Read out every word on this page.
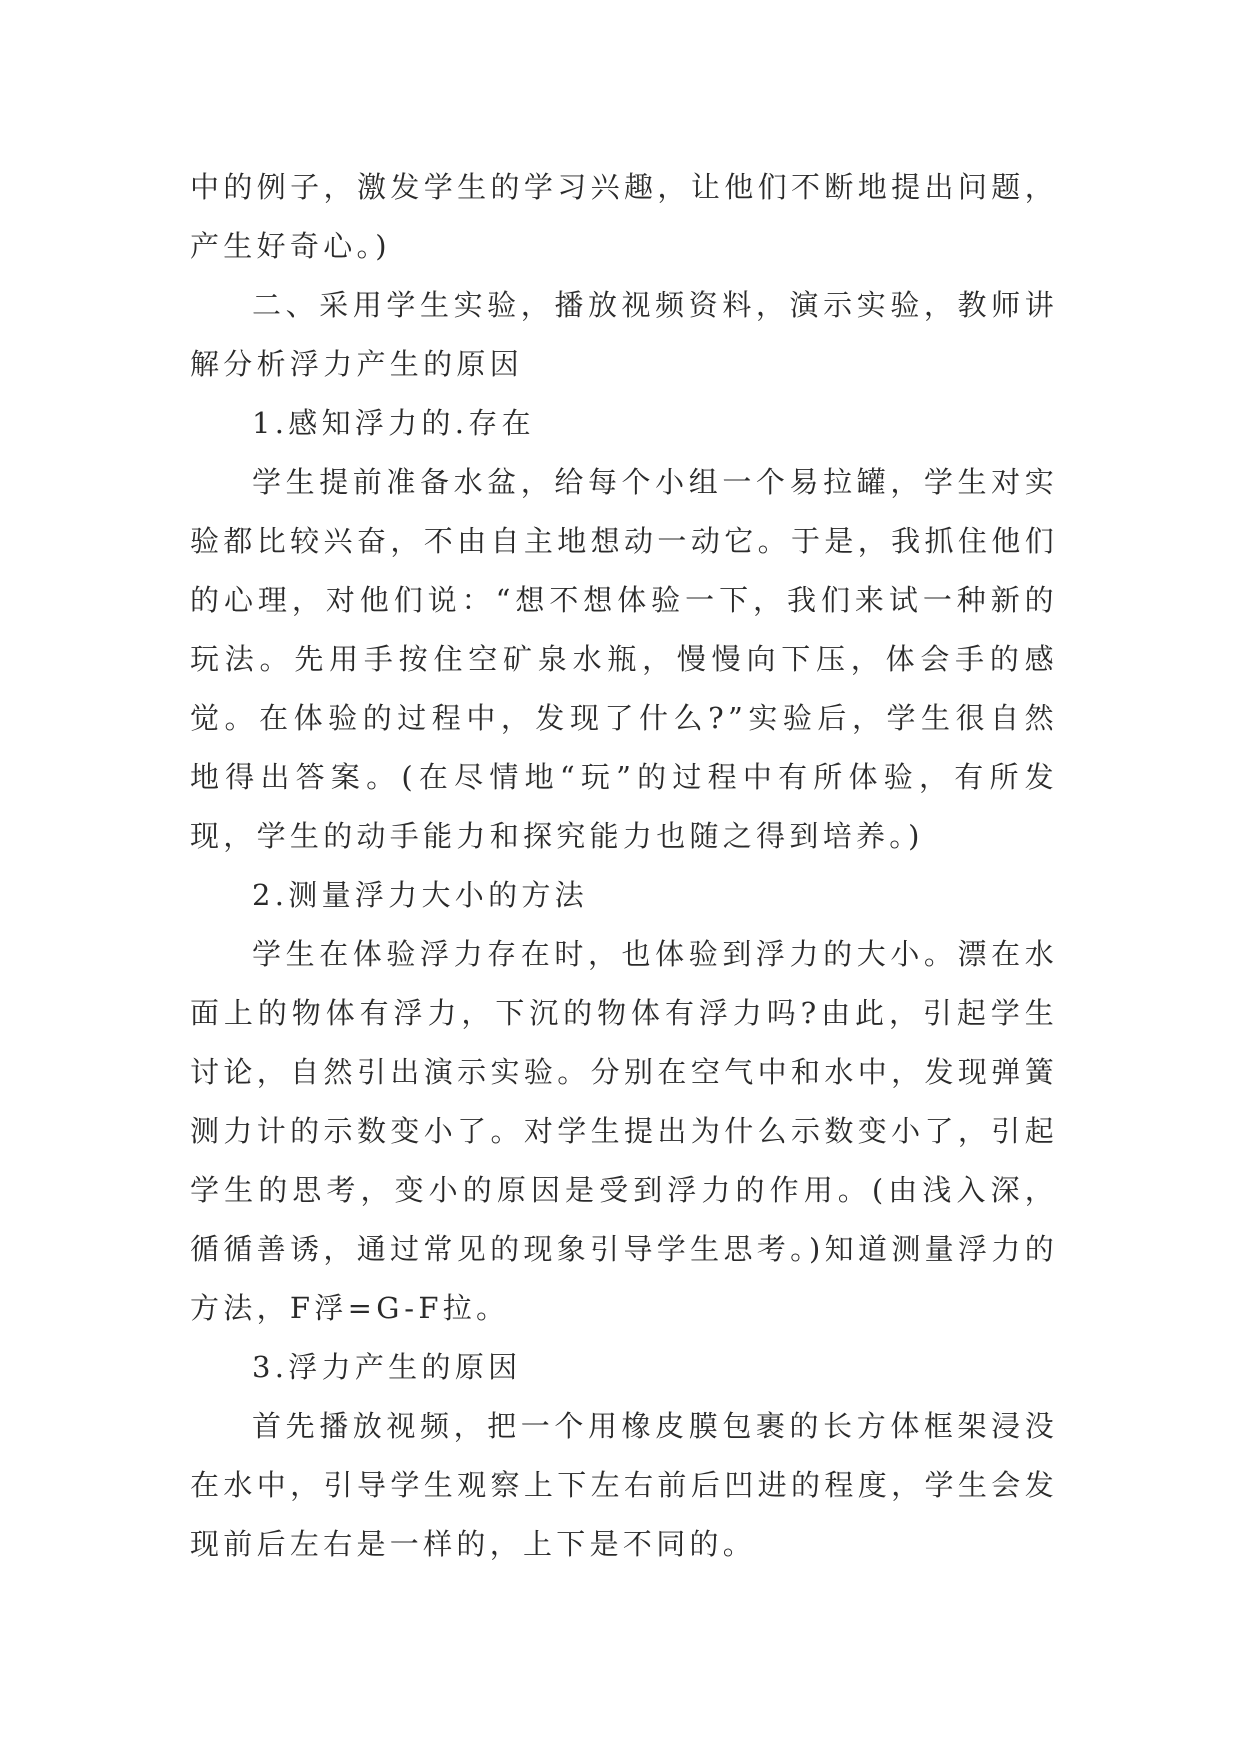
中的例子，激发学生的学习兴趣，让他们不断地提出问题，产生好奇心。)

二、采用学生实验，播放视频资料，演示实验，教师讲解分析浮力产生的原因

1.感知浮力的.存在

学生提前准备水盆，给每个小组一个易拉罐，学生对实验都比较兴奋，不由自主地想动一动它。于是，我抓住他们的心理，对他们说：“想不想体验一下，我们来试一种新的玩法。先用手按住空矿泉水瓶，慢慢向下压，体会手的感觉。在体验的过程中，发现了什么?”实验后，学生很自然地得出答案。(在尽情地“玩”的过程中有所体验，有所发现，学生的动手能力和探究能力也随之得到培养。)

2.测量浮力大小的方法

学生在体验浮力存在时，也体验到浮力的大小。漂在水面上的物体有浮力，下沉的物体有浮力吗?由此，引起学生讨论，自然引出演示实验。分别在空气中和水中，发现弹簧测力计的示数变小了。对学生提出为什么示数变小了，引起学生的思考，变小的原因是受到浮力的作用。(由浅入深，循循善诱，通过常见的现象引导学生思考。)知道测量浮力的方法，F浮=G-F拉。

3.浮力产生的原因

首先播放视频，把一个用橡皮膜包裹的长方体框架浸没在水中，引导学生观察上下左右前后凹进的程度，学生会发现前后左右是一样的，上下是不同的。
